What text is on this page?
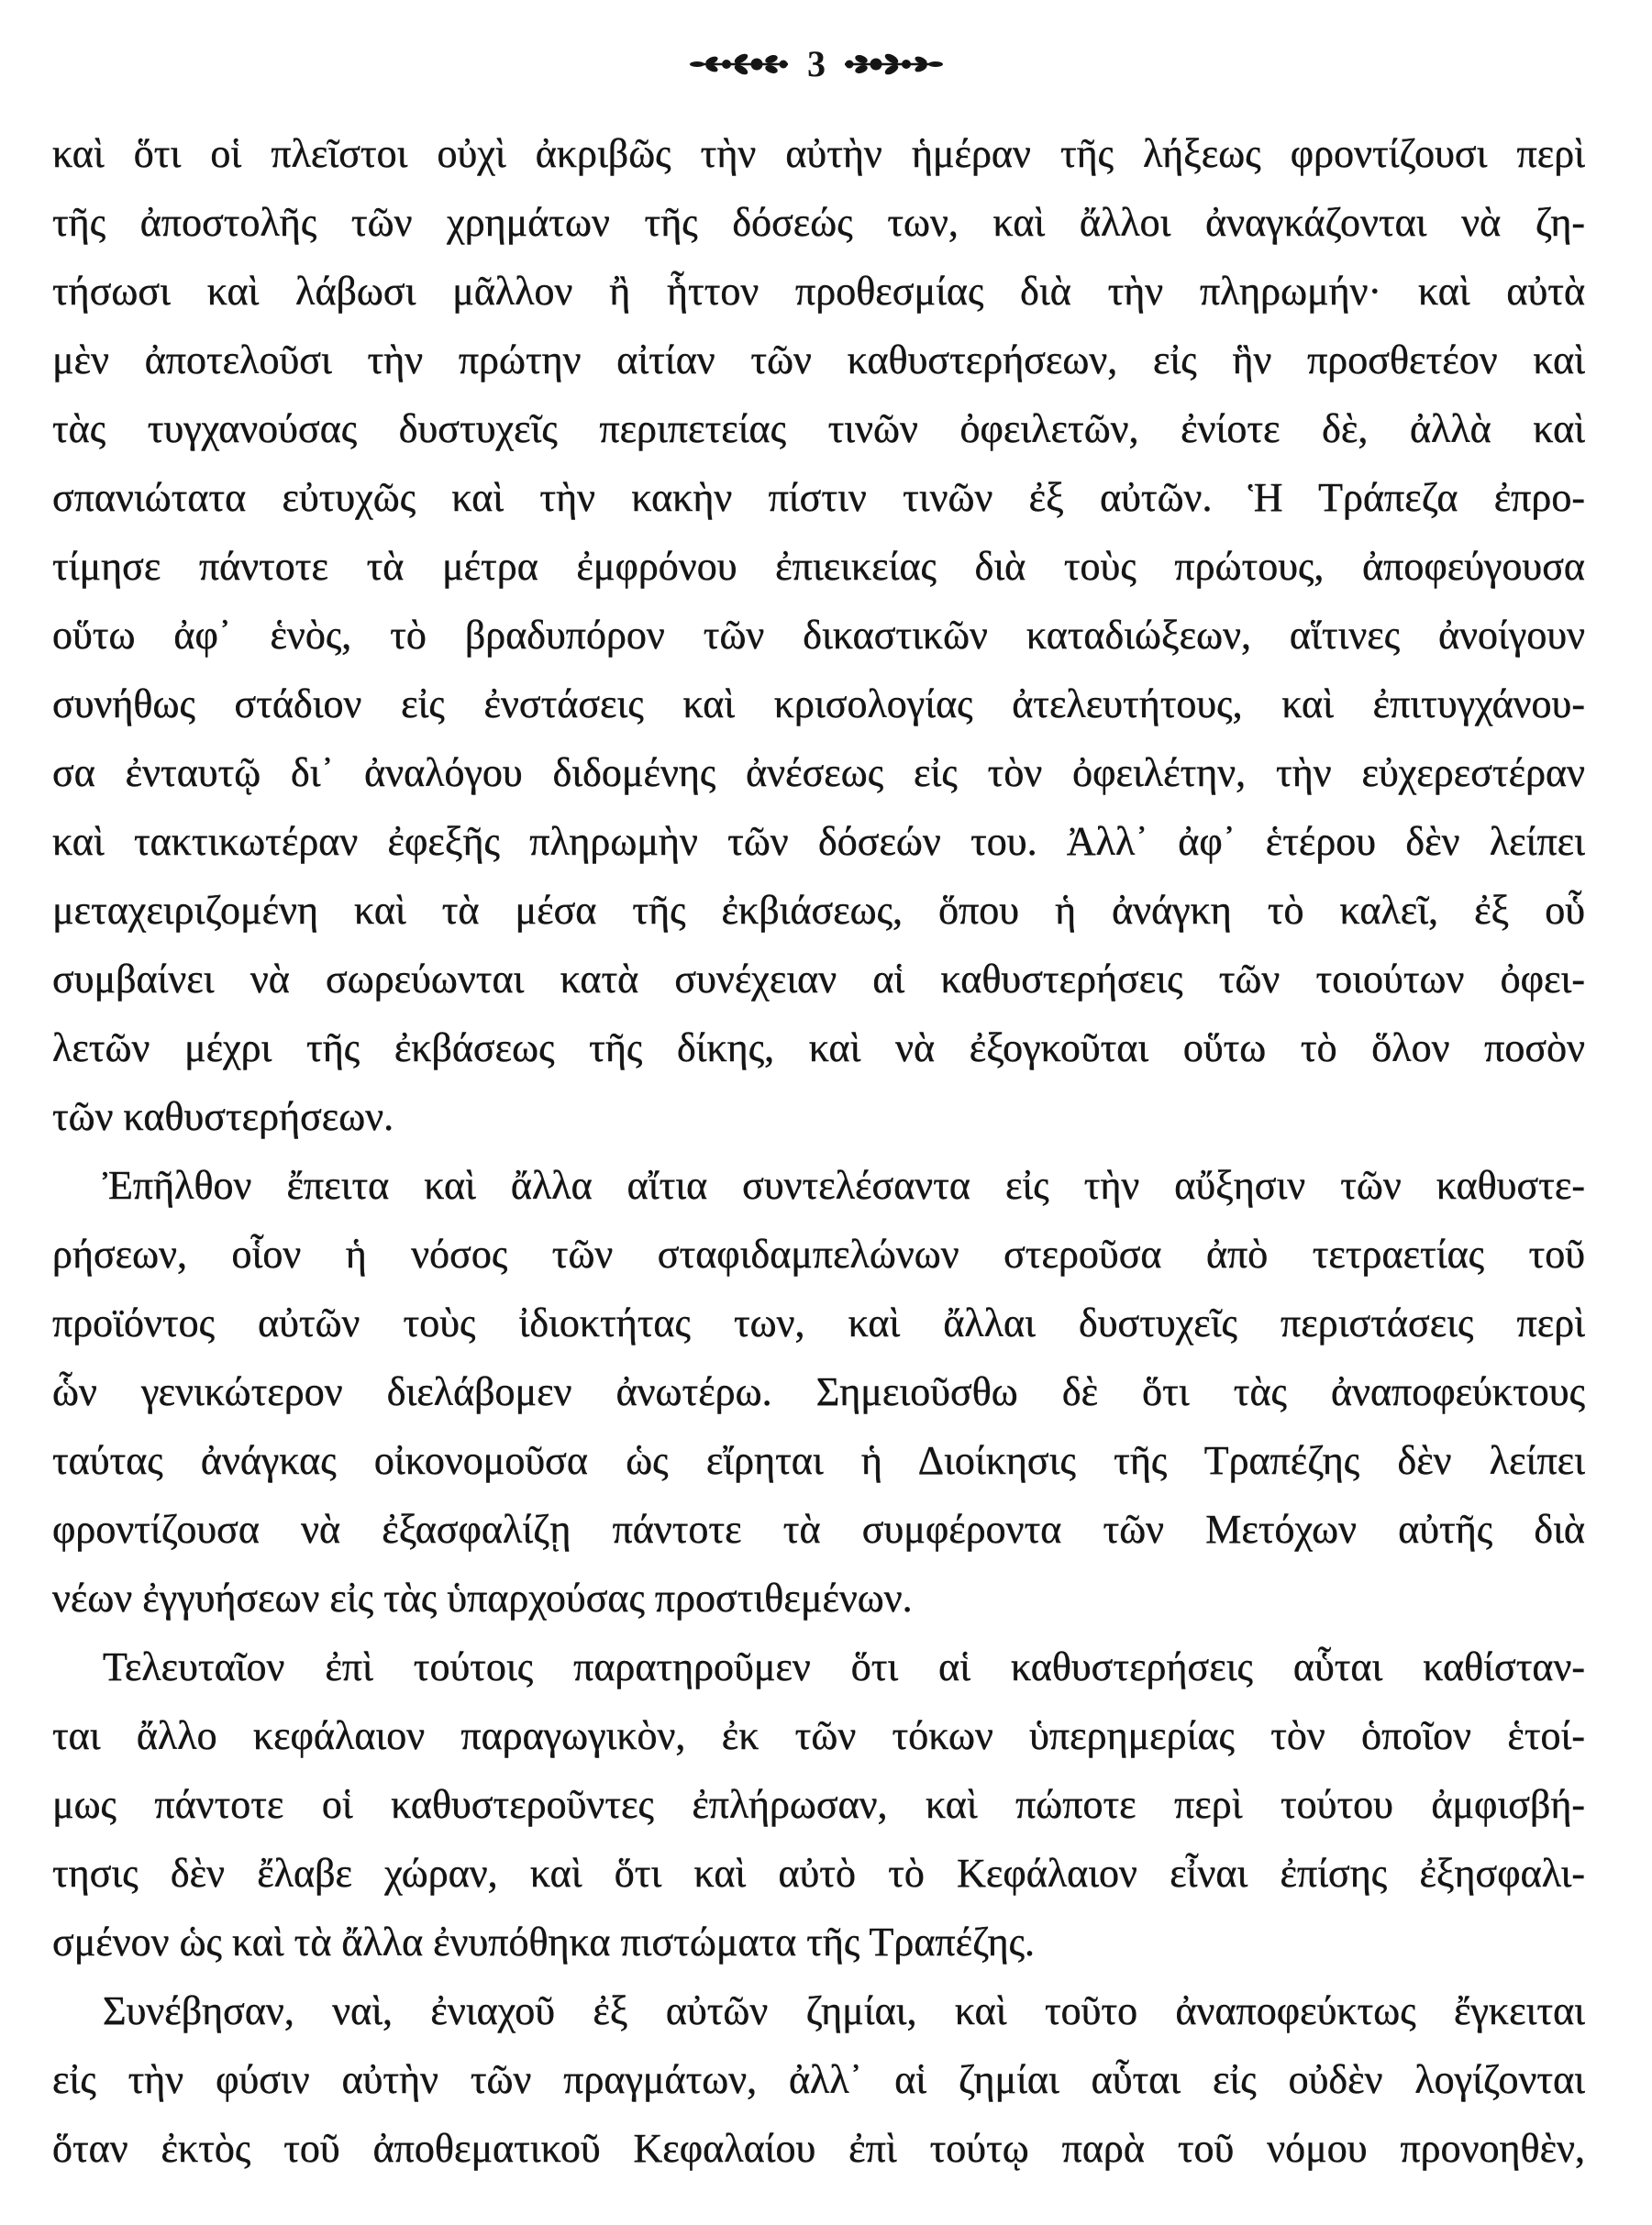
3
καὶ ὅτι οἱ πλεῖστοι οὐχὶ ἀκριβῶς τὴν αὐτὴν ἡμέραν τῆς λήξεως φροντίζουσι περὶ
τῆς ἀποστολῆς τῶν χρημάτων τῆς δόσεώς των, καὶ ἄλλοι ἀναγκάζονται νὰ ζη-
τήσωσι καὶ λάβωσι μᾶλλον ἢ ἧττον προθεσμίας διὰ τὴν πληρωμήν· καὶ αὐτὰ
μὲν ἀποτελοῦσι τὴν πρώτην αἰτίαν τῶν καθυστερήσεων, εἰς ἣν προσθετέον καὶ
τὰς τυγχανούσας δυστυχεῖς περιπετείας τινῶν ὀφειλετῶν, ἐνίοτε δὲ, ἀλλὰ καὶ
σπανιώτατα εὐτυχῶς καὶ τὴν κακὴν πίστιν τινῶν ἐξ αὐτῶν. Ἡ Τράπεζα ἐπρο-
τίμησε πάντοτε τὰ μέτρα ἐμφρόνου ἐπιεικείας διὰ τοὺς πρώτους, ἀποφεύγουσα
οὕτω ἀφ᾽ ἑνὸς, τὸ βραδυπόρον τῶν δικαστικῶν καταδιώξεων, αἵτινες ἀνοίγουν
συνήθως στάδιον εἰς ἐνστάσεις καὶ κρισολογίας ἀτελευτήτους, καὶ ἐπιτυγχάνου-
σα ἐνταυτῷ δι᾽ ἀναλόγου διδομένης ἀνέσεως εἰς τὸν ὀφειλέτην, τὴν εὐχερεστέραν
καὶ τακτικωτέραν ἐφεξῆς πληρωμὴν τῶν δόσεών του. Ἀλλ᾽ ἀφ᾽ ἑτέρου δὲν λείπει
μεταχειριζομένη καὶ τὰ μέσα τῆς ἐκβιάσεως, ὅπου ἡ ἀνάγκη τὸ καλεῖ, ἐξ οὗ
συμβαίνει νὰ σωρεύωνται κατὰ συνέχειαν αἱ καθυστερήσεις τῶν τοιούτων ὀφει-
λετῶν μέχρι τῆς ἐκβάσεως τῆς δίκης, καὶ νὰ ἐξογκοῦται οὕτω τὸ ὅλον ποσὸν
τῶν καθυστερήσεων.
Ἐπῆλθον ἔπειτα καὶ ἄλλα αἴτια συντελέσαντα εἰς τὴν αὔξησιν τῶν καθυστε-
ρήσεων, οἷον ἡ νόσος τῶν σταφιδαμπελώνων στεροῦσα ἀπὸ τετραετίας τοῦ
προϊόντος αὐτῶν τοὺς ἰδιοκτήτας των, καὶ ἄλλαι δυστυχεῖς περιστάσεις περὶ
ὧν γενικώτερον διελάβομεν ἀνωτέρω. Σημειοῦσθω δὲ ὅτι τὰς ἀναποφεύκτους
ταύτας ἀνάγκας οἰκονομοῦσα ὡς εἴρηται ἡ Διοίκησις τῆς Τραπέζης δὲν λείπει
φροντίζουσα νὰ ἐξασφαλίζῃ πάντοτε τὰ συμφέροντα τῶν Μετόχων αὐτῆς διὰ
νέων ἐγγυήσεων εἰς τὰς ὑπαρχούσας προστιθεμένων.
Τελευταῖον ἐπὶ τούτοις παρατηροῦμεν ὅτι αἱ καθυστερήσεις αὗται καθίσταν-
ται ἄλλο κεφάλαιον παραγωγικὸν, ἐκ τῶν τόκων ὑπερημερίας τὸν ὁποῖον ἑτοί-
μως πάντοτε οἱ καθυστεροῦντες ἐπλήρωσαν, καὶ πώποτε περὶ τούτου ἀμφισβή-
τησις δὲν ἔλαβε χώραν, καὶ ὅτι καὶ αὐτὸ τὸ Κεφάλαιον εἶναι ἐπίσης ἐξησφαλι-
σμένον ὡς καὶ τὰ ἄλλα ἐνυπόθηκα πιστώματα τῆς Τραπέζης.
Συνέβησαν, ναὶ, ἐνιαχοῦ ἐξ αὐτῶν ζημίαι, καὶ τοῦτο ἀναποφεύκτως ἔγκειται
εἰς τὴν φύσιν αὐτὴν τῶν πραγμάτων, ἀλλ᾽ αἱ ζημίαι αὗται εἰς οὐδὲν λογίζονται
ὅταν ἐκτὸς τοῦ ἀποθεματικοῦ Κεφαλαίου ἐπὶ τούτῳ παρὰ τοῦ νόμου προνοηθὲν,
